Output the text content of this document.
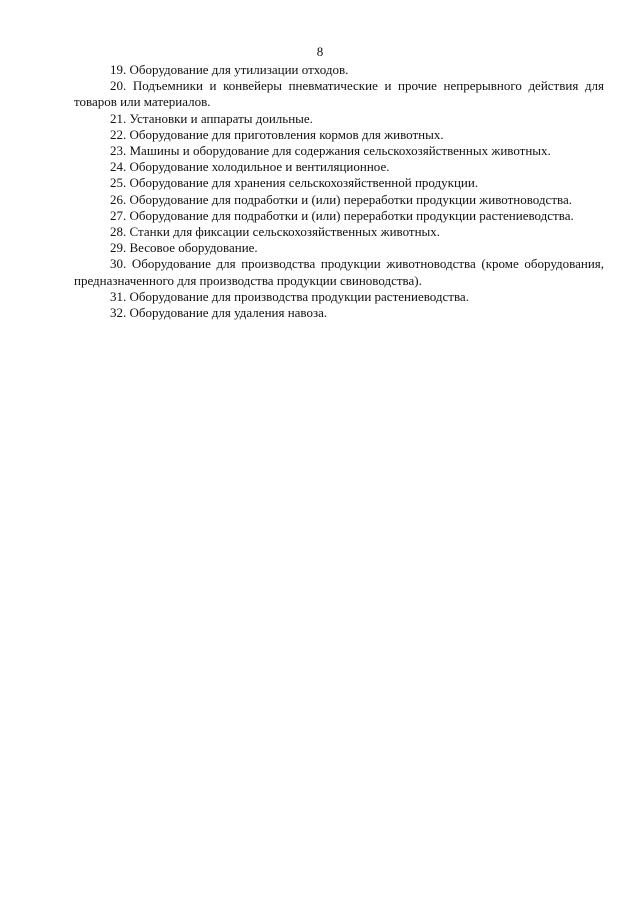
8

19. Оборудование для утилизации отходов.

20. Подъемники и конвейеры пневматические и прочие непрерывного действия для товаров или материалов.

21. Установки и аппараты доильные.

22. Оборудование для приготовления кормов для животных.

23. Машины и оборудование для содержания сельскохозяйственных животных.

24. Оборудование холодильное и вентиляционное.

25. Оборудование для хранения сельскохозяйственной продукции.

26. Оборудование для подработки и (или) переработки продукции животноводства.

27. Оборудование для подработки и (или) переработки продукции растениеводства.

28. Станки для фиксации сельскохозяйственных животных.

29. Весовое оборудование.

30. Оборудование для производства продукции животноводства (кроме оборудования, предназначенного для производства продукции свиноводства).

31. Оборудование для производства продукции растениеводства.

32. Оборудование для удаления навоза.
